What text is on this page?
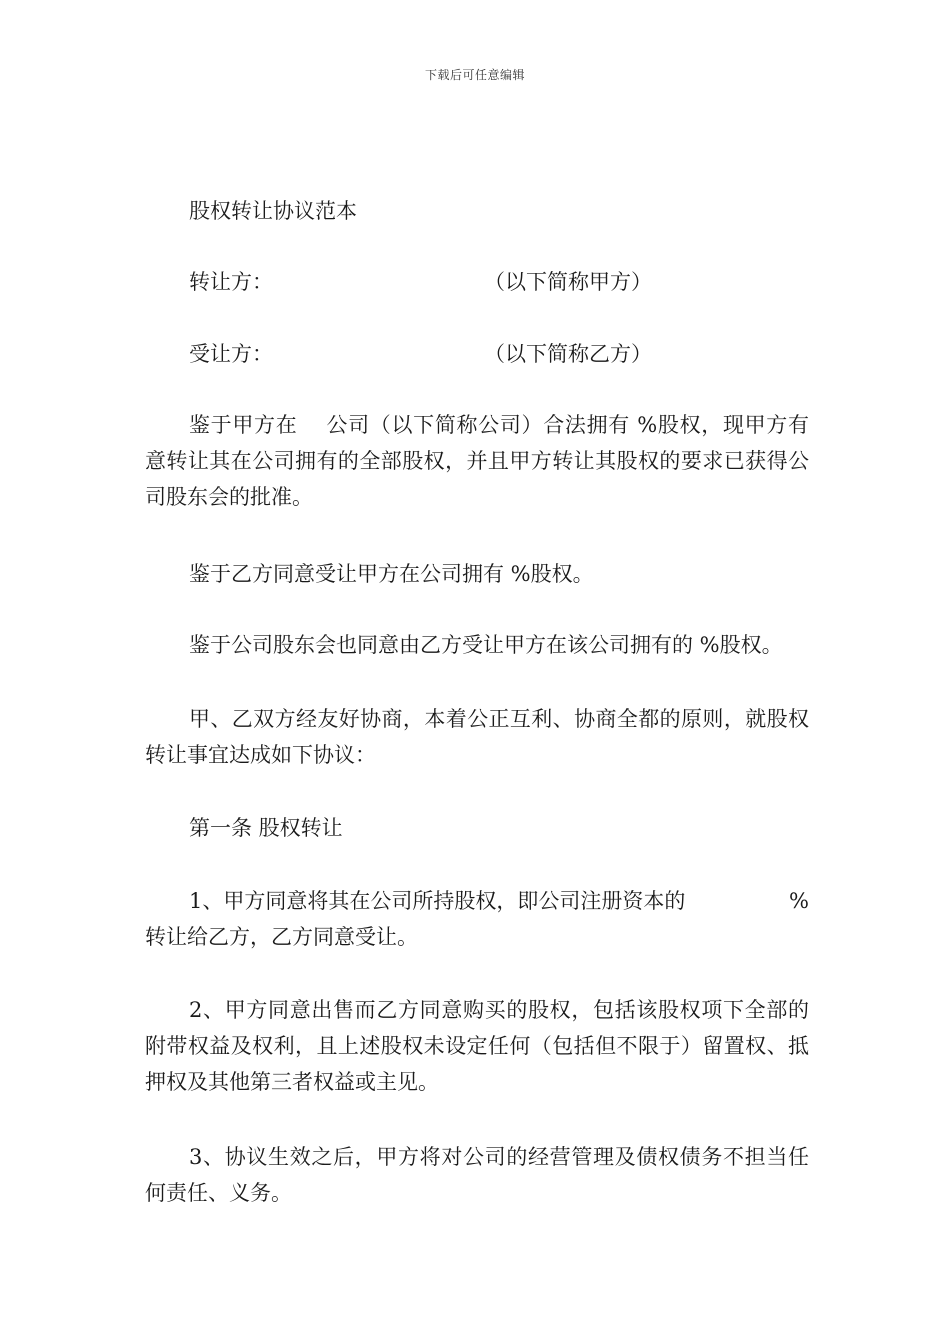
下载后可任意编辑

股权转让协议范本

转让方：	（以下简称甲方）
受让方：	（以下简称乙方）

鉴于甲方在　 公司（以下简称公司）合法拥有 %股权，现甲方有意转让其在公司拥有的全部股权，并且甲方转让其股权的要求已获得公司股东会的批准。

鉴于乙方同意受让甲方在公司拥有 %股权。

鉴于公司股东会也同意由乙方受让甲方在该公司拥有的 %股权。

甲、乙双方经友好协商，本着公正互利、协商全都的原则，就股权转让事宜达成如下协议：

第一条 股权转让

1、甲方同意将其在公司所持股权，即公司注册资本的	%

转让给乙方，乙方同意受让。

2、甲方同意出售而乙方同意购买的股权，包括该股权项下全部的附带权益及权利，且上述股权未设定任何（包括但不限于）留置权、抵押权及其他第三者权益或主见。

3、协议生效之后，甲方将对公司的经营管理及债权债务不担当任何责任、义务。
